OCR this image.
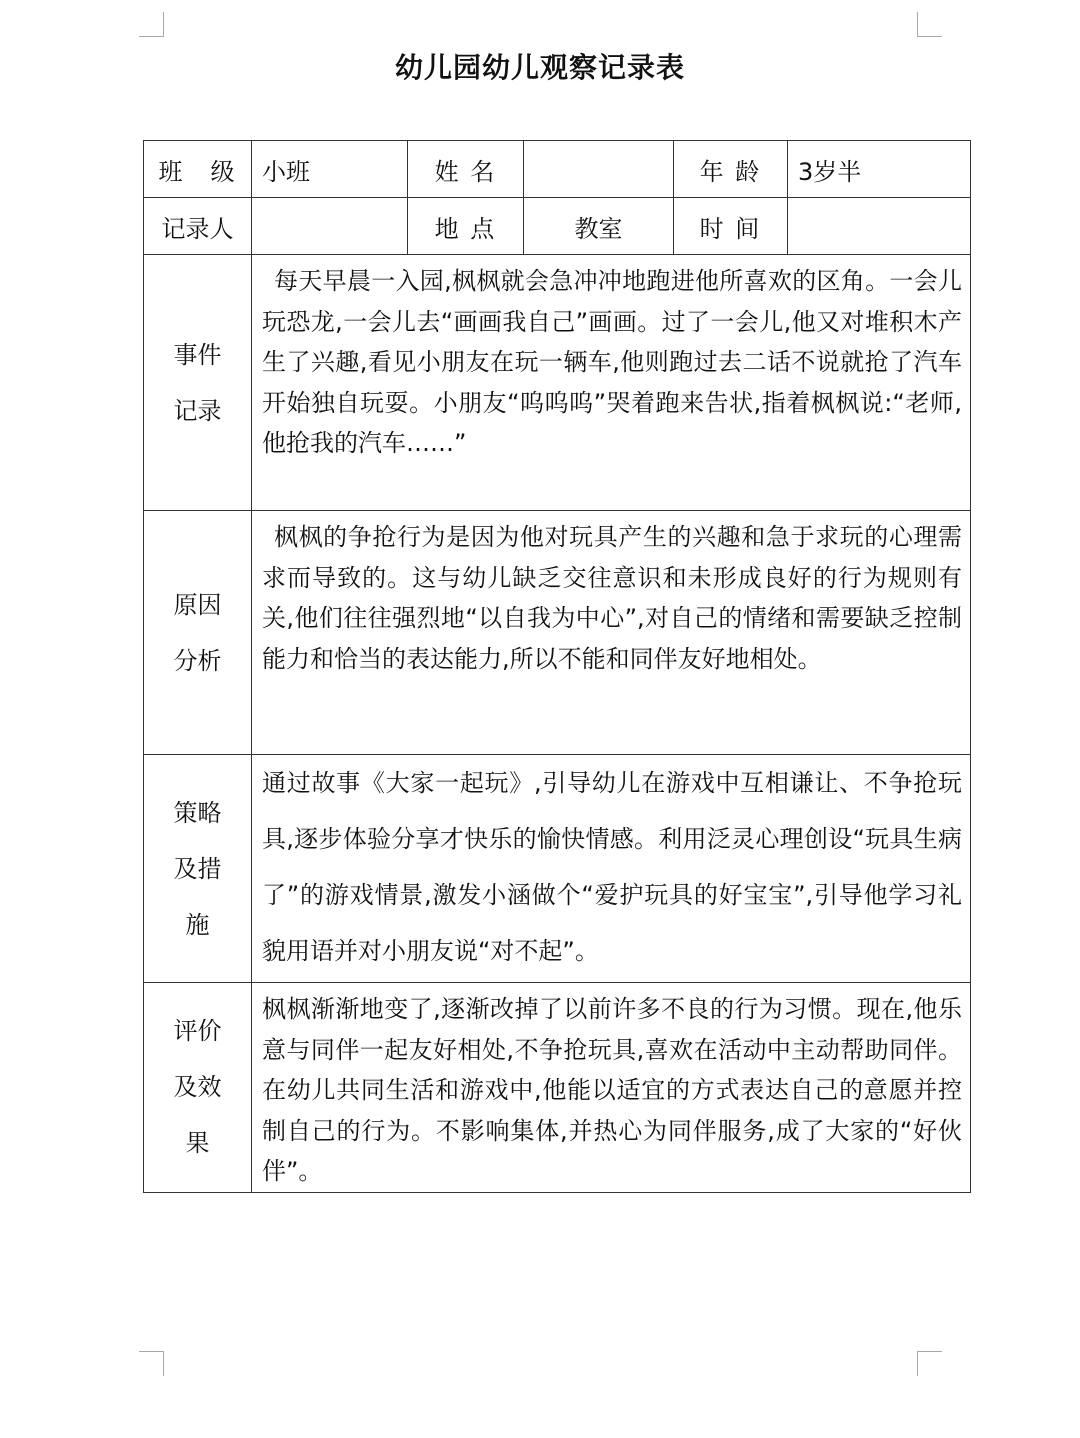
幼儿园幼儿观察记录表
班　级	小班	姓 名		年 龄	3岁半
记录人		地 点	教室	时 间	

事件
记录	每天早晨一入园,枫枫就会急冲冲地跑进他所喜欢的区角。一会儿玩恐龙,一会儿去“画画我自己”画画。过了一会儿,他又对堆积木产生了兴趣,看见小朋友在玩一辆车,他则跑过去二话不说就抢了汽车开始独自玩耍。小朋友“呜呜呜”哭着跑来告状,指着枫枫说:“老师,他抢我的汽车……”				

原因
分析	枫枫的争抢行为是因为他对玩具产生的兴趣和急于求玩的心理需求而导致的。这与幼儿缺乏交往意识和未形成良好的行为规则有关,他们往往强烈地“以自我为中心”,对自己的情绪和需要缺乏控制能力和恰当的表达能力,所以不能和同伴友好地相处。				

策略
及措
施	通过故事《大家一起玩》,引导幼儿在游戏中互相谦让、不争抢玩具,逐步体验分享才快乐的愉快情感。利用泛灵心理创设“玩具生病了”的游戏情景,激发小涵做个“爱护玩具的好宝宝”,引导他学习礼貌用语并对小朋友说“对不起”。				

评价
及效
果	枫枫渐渐地变了,逐渐改掉了以前许多不良的行为习惯。现在,他乐意与同伴一起友好相处,不争抢玩具,喜欢在活动中主动帮助同伴。在幼儿共同生活和游戏中,他能以适宜的方式表达自己的意愿并控制自己的行为。不影响集体,并热心为同伴服务,成了大家的“好伙伴”。				
